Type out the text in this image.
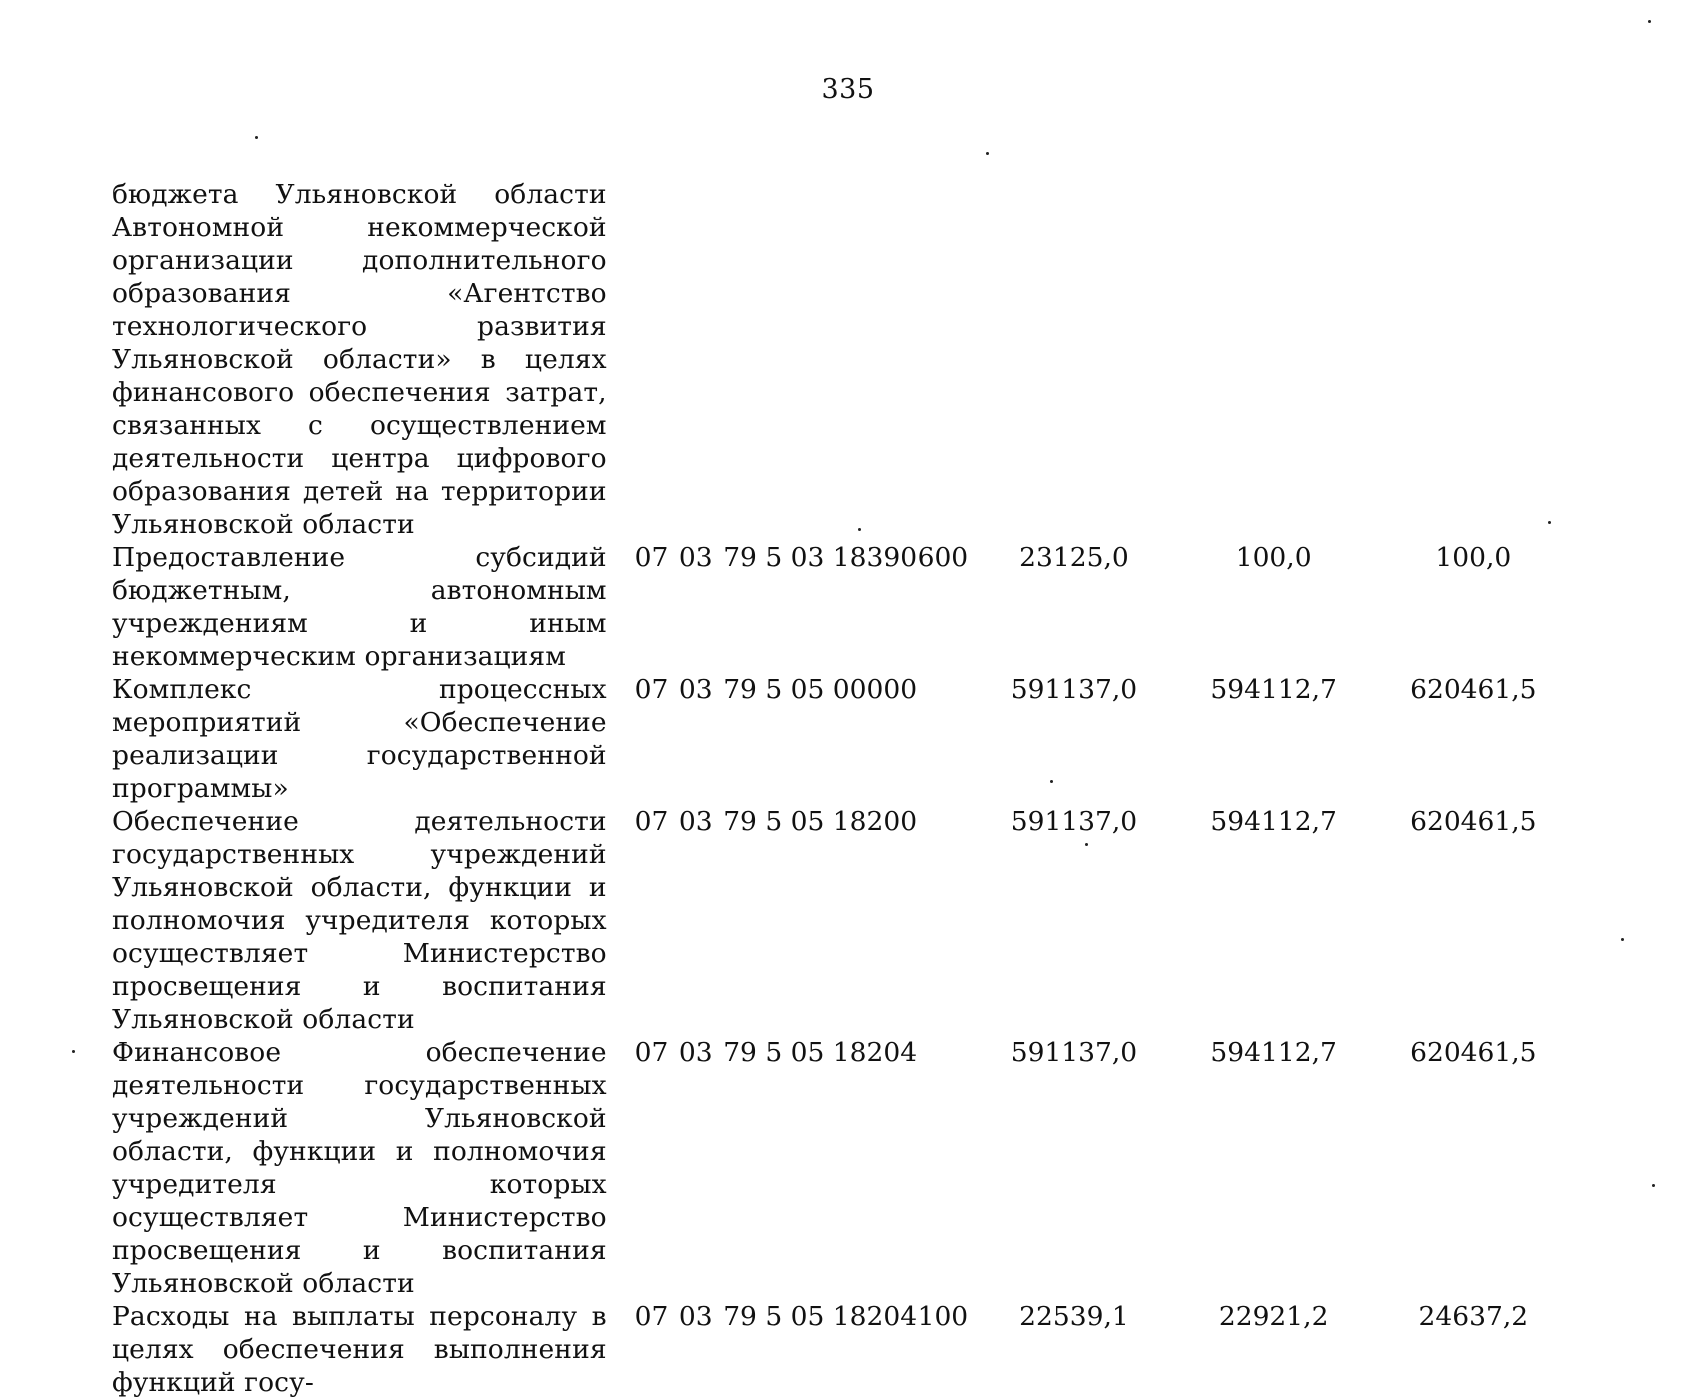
335
бюджета Ульяновской области Автономной некоммерческой организации дополнительного образования «Агентство технологического развития Ульяновской области» в целях финансового обеспечения затрат, связанных с осуществлением деятельности центра цифрового образования детей на территории Ульяновской области
Предоставление субсидий бюджетным, автономным учреждениям и иным некоммерческим организациям
07 03 79 5 03 18390 600	23125,0	100,0	100,0
Комплекс процессных мероприятий «Обеспечение реализации государственной программы»
07 03 79 5 05 00000	591137,0	594112,7	620461,5
Обеспечение деятельности государственных учреждений Ульяновской области, функции и полномочия учредителя которых осуществляет Министерство просвещения и воспитания Ульяновской области
07 03 79 5 05 18200	591137,0	594112,7	620461,5
Финансовое обеспечение деятельности государственных учреждений Ульяновской области, функции и полномочия учредителя которых осуществляет Министерство просвещения и воспитания Ульяновской области
07 03 79 5 05 18204	591137,0	594112,7	620461,5
Расходы на выплаты персоналу в целях обеспечения выполнения функций госу-
07 03 79 5 05 18204 100	22539,1	22921,2	24637,2
